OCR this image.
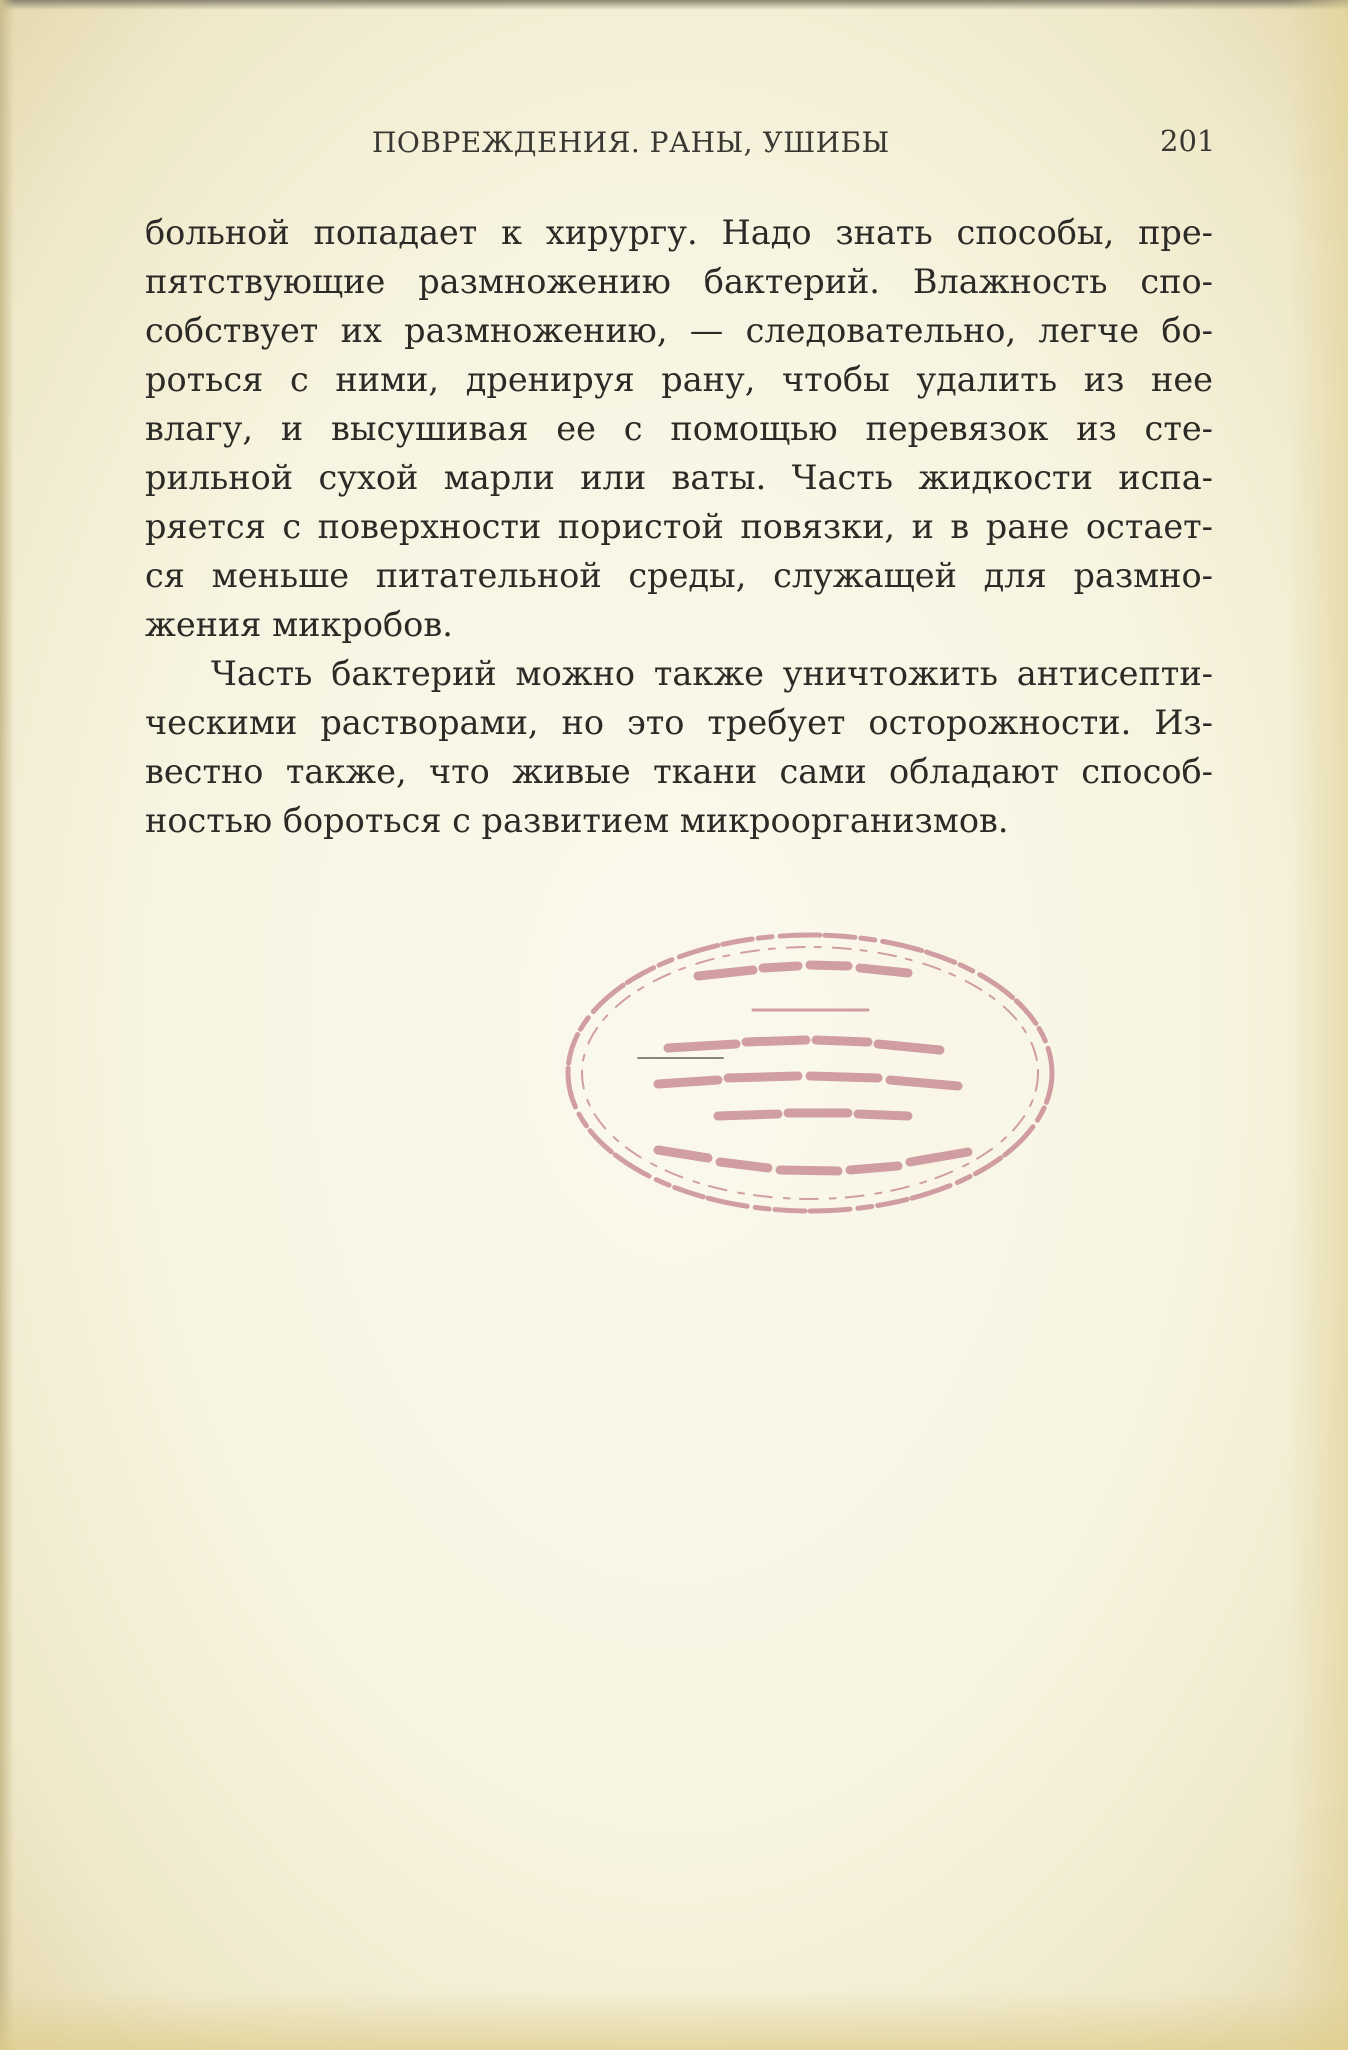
ПОВРЕЖДЕНИЯ. РАНЫ, УШИБЫ	201
больной попадает к хирургу. Надо знать способы, пре-
пятствующие размножению бактерий. Влажность спо-
собствует их размножению, — следовательно, легче бо-
роться с ними, дренируя рану, чтобы удалить из нее
влагу, и высушивая ее с помощью перевязок из сте-
рильной сухой марли или ваты. Часть жидкости испа-
ряется с поверхности пористой повязки, и в ране остает-
ся меньше питательной среды, служащей для размно-
жения микробов.
Часть бактерий можно также уничтожить антисепти-
ческими растворами, но это требует осторожности. Из-
вестно также, что живые ткани сами обладают способ-
ностью бороться с развитием микроорганизмов.
